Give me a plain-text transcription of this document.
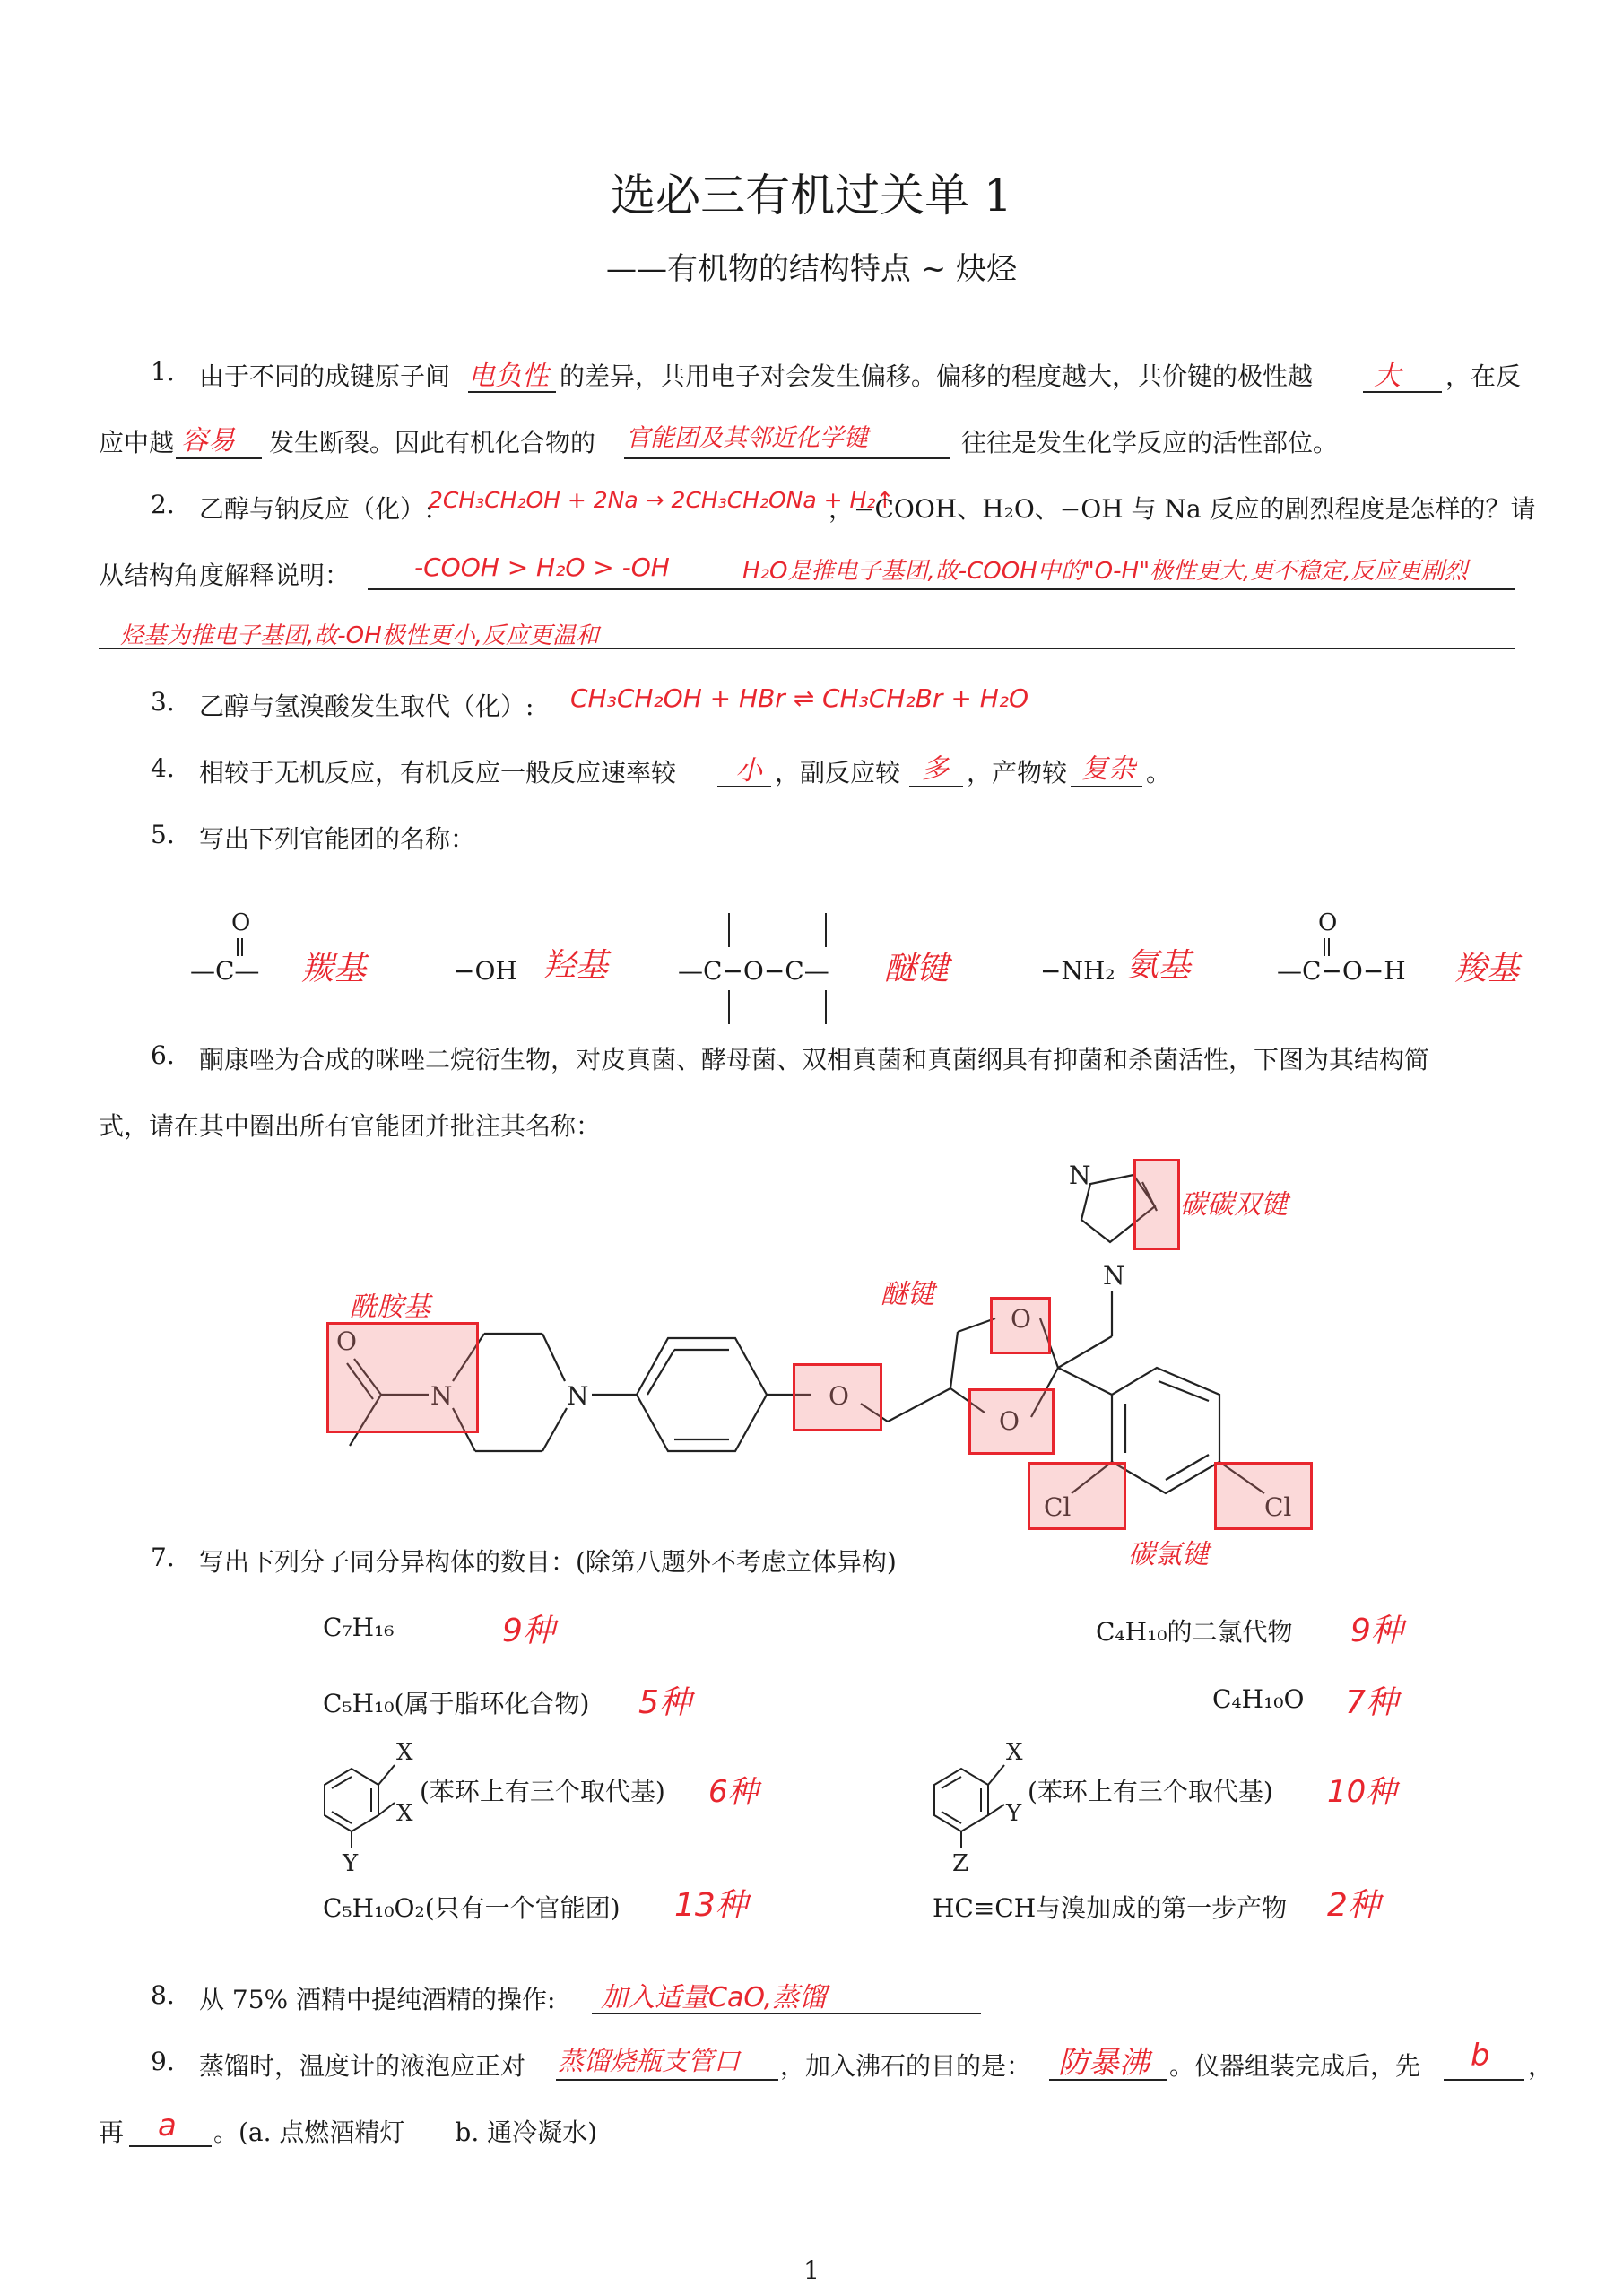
选必三有机过关单 1
——有机物的结构特点 ~ 炔烃
1. 由于不同的成键原子间 电负性 的差异，共用电子对会发生偏移。偏移的程度越大，共价键的极性越 大 ，在反
应中越 容易 发生断裂。因此有机化合物的 官能团及其邻近化学键	往往是发生化学反应的活性部位。
2. 乙醇与钠反应（化）:
2CH₃CH₂OH + 2Na → 2CH₃CH₂ONa + H₂↑
，−COOH、H₂O、−OH 与 Na 反应的剧烈程度是怎样的？请
从结构角度解释说明：	-COOH > H₂O > -OH	H₂O是推电子基团,故-COOH中的"O-H"极性更大,更不稳定,反应更剧烈
烃基为推电子基团,故-OH极性更小,反应更温和
3. 乙醇与氢溴酸发生取代（化）: CH₃CH₂OH + HBr ⇌ CH₃CH₂Br + H₂O
4. 相较于无机反应，有机反应一般反应速率较 小 ，副反应较 多 ，产物较 复杂 。
5. 写出下列官能团的名称：
O
—C— 羰基	−OH 羟基	—C−O−C— 醚键	−NH₂ 氨基
O
—C−O−H 羧基
6. 酮康唑为合成的咪唑二烷衍生物，对皮真菌、酵母菌、双相真菌和真菌纲具有抑菌和杀菌活性，下图为其结构简
式，请在其中圈出所有官能团并批注其名称：
O
N	N	O
O
O
N
N
Cl	Cl
酰胺基	醚键
碳碳双键
碳氯键
7. 写出下列分子同分异构体的数目：(除第八题外不考虑立体异构)
C₇H₁₆	9种	C₄H₁₀的二氯代物 9种
C₅H₁₀(属于脂环化合物) 5种	C₄H₁₀O 7种
X
X
Y
X
Y
Z
(苯环上有三个取代基) 6种	(苯环上有三个取代基) 10种
C₅H₁₀O₂(只有一个官能团) 13种	HC≡CH与溴加成的第一步产物 2种
8. 从 75% 酒精中提纯酒精的操作: 加入适量CaO,蒸馏
9. 蒸馏时，温度计的液泡应正对 蒸馏烧瓶支管口 ，加入沸石的目的是： 防暴沸 。仪器组装完成后，先 b ，
再 a 。(a. 点燃酒精灯　　b. 通冷凝水)
1
